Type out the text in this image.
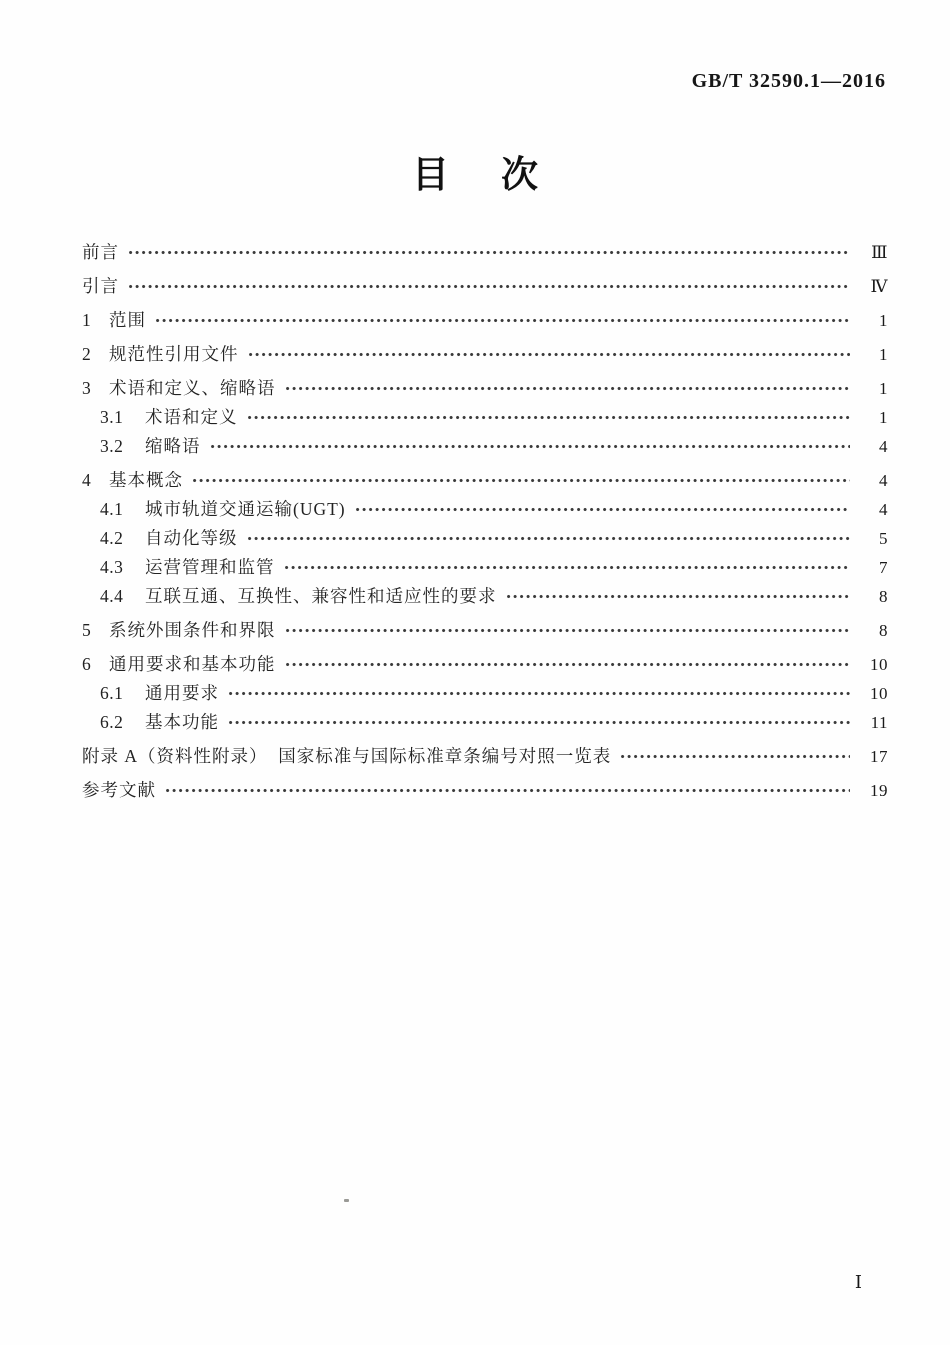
GB/T 32590.1—2016
目次
前言	Ⅲ
引言	Ⅳ
1	范围	1
2	规范性引用文件	1
3	术语和定义、缩略语	1
3.1	术语和定义	1
3.2	缩略语	4
4	基本概念	4
4.1	城市轨道交通运输(UGT)	4
4.2	自动化等级	5
4.3	运营管理和监管	7
4.4	互联互通、互换性、兼容性和适应性的要求	8
5	系统外围条件和界限	8
6	通用要求和基本功能	10
6.1	通用要求	10
6.2	基本功能	11
附录 A（资料性附录）  国家标准与国际标准章条编号对照一览表	17
参考文献	19
Ⅰ
